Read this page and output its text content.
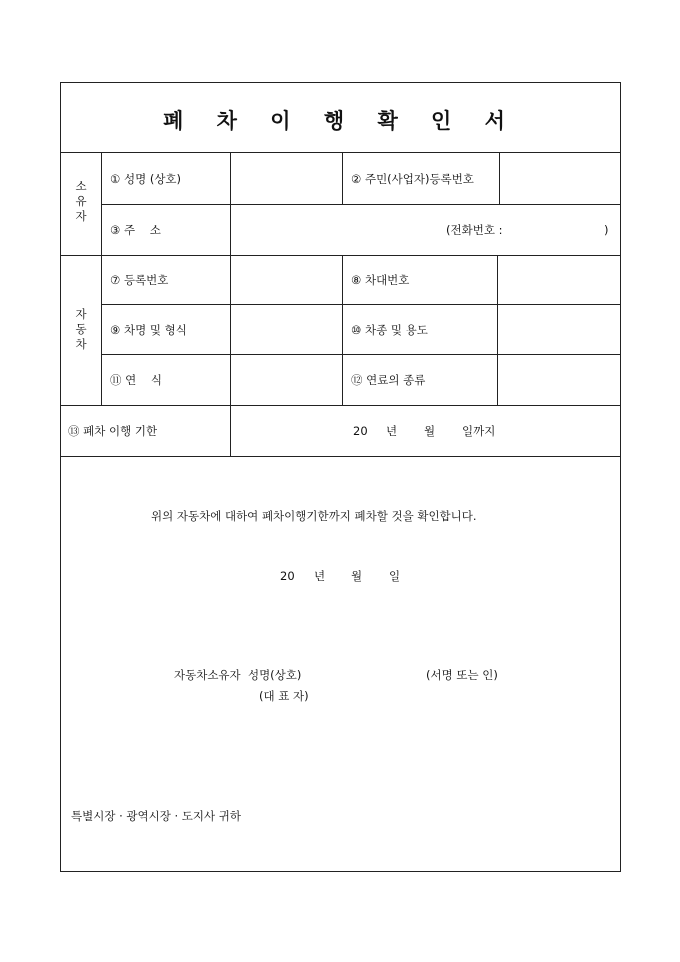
폐 차 이 행 확 인 서
소
유
자
① 성명 (상호)	② 주민(사업자)등록번호
③ 주    소	(전화번호 :	)
자
동
차
⑦ 등록번호	⑧ 차대번호
⑨ 차명 및 형식	⑩ 차종 및 용도
⑪ 연    식	⑫ 연료의 종류
⑬ 폐차 이행 기한	20 년 월 일까지
위의 자동차에 대하여 폐차이행기한까지 폐차할 것을 확인합니다.
20 년 월 일
자동차소유자  성명(상호)	(서명 또는 인)
(대 표 자)
특별시장 · 광역시장 · 도지사 귀하
